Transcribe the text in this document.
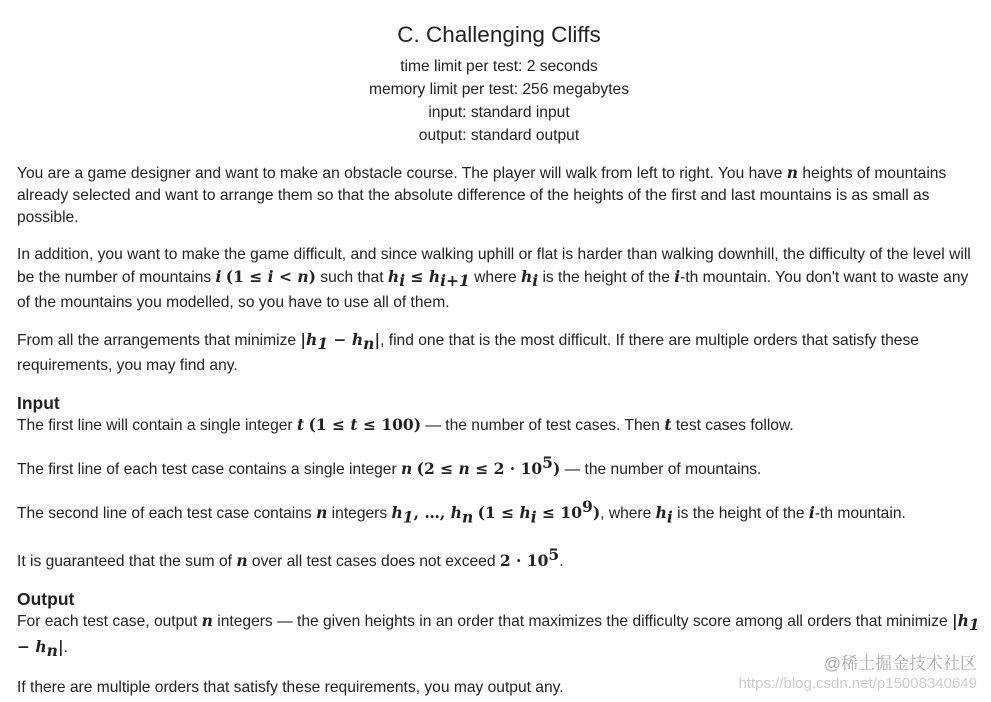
C. Challenging Cliffs
time limit per test: 2 seconds
memory limit per test: 256 megabytes
input: standard input
output: standard output

You are a game designer and want to make an obstacle course. The player will walk from left to right. You have n heights of mountains already selected and want to arrange them so that the absolute difference of the heights of the first and last mountains is as small as possible.

In addition, you want to make the game difficult, and since walking uphill or flat is harder than walking downhill, the difficulty of the level will be the number of mountains i (1 ≤ i < n) such that $h_i \le h_{i+1}$ where $h_i$ is the height of the i-th mountain. You don't want to waste any of the mountains you modelled, so you have to use all of them.

From all the arrangements that minimize $|h_1 - h_n|$, find one that is the most difficult. If there are multiple orders that satisfy these requirements, you may find any.

Input

The first line will contain a single integer t (1 ≤ t ≤ 100) — the number of test cases. Then t test cases follow.

The first line of each test case contains a single integer n $(2 \le n \le 2 \cdot 10^5)$ — the number of mountains.

The second line of each test case contains n integers $h_1$, …, $h_n$ $(1 \le h_i \le 10^9)$, where $h_i$ is the height of the i-th mountain.

It is guaranteed that the sum of n over all test cases does not exceed $2 \cdot 10^5$.

Output

For each test case, output n integers — the given heights in an order that maximizes the difficulty score among all orders that minimize $|h_1 - h_n|$.

If there are multiple orders that satisfy these requirements, you may output any.

@稀土掘金技术社区
https://blog.csdn.net/p15008340649
